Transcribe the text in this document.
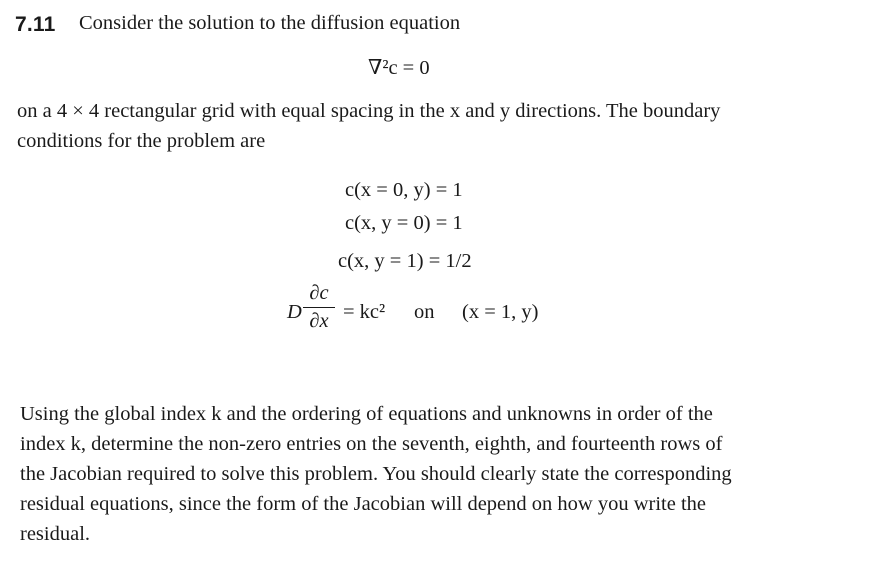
7.11 Consider the solution to the diffusion equation
∇²c = 0
on a 4 × 4 rectangular grid with equal spacing in the x and y directions. The boundary
conditions for the problem are
c(x = 0, y) = 1
c(x, y = 0) = 1
c(x, y = 1) = 1/2
D
∂c
∂x = kc² on (x = 1, y)
Using the global index k and the ordering of equations and unknowns in order of the
index k, determine the non-zero entries on the seventh, eighth, and fourteenth rows of
the Jacobian required to solve this problem. You should clearly state the corresponding
residual equations, since the form of the Jacobian will depend on how you write the
residual.
